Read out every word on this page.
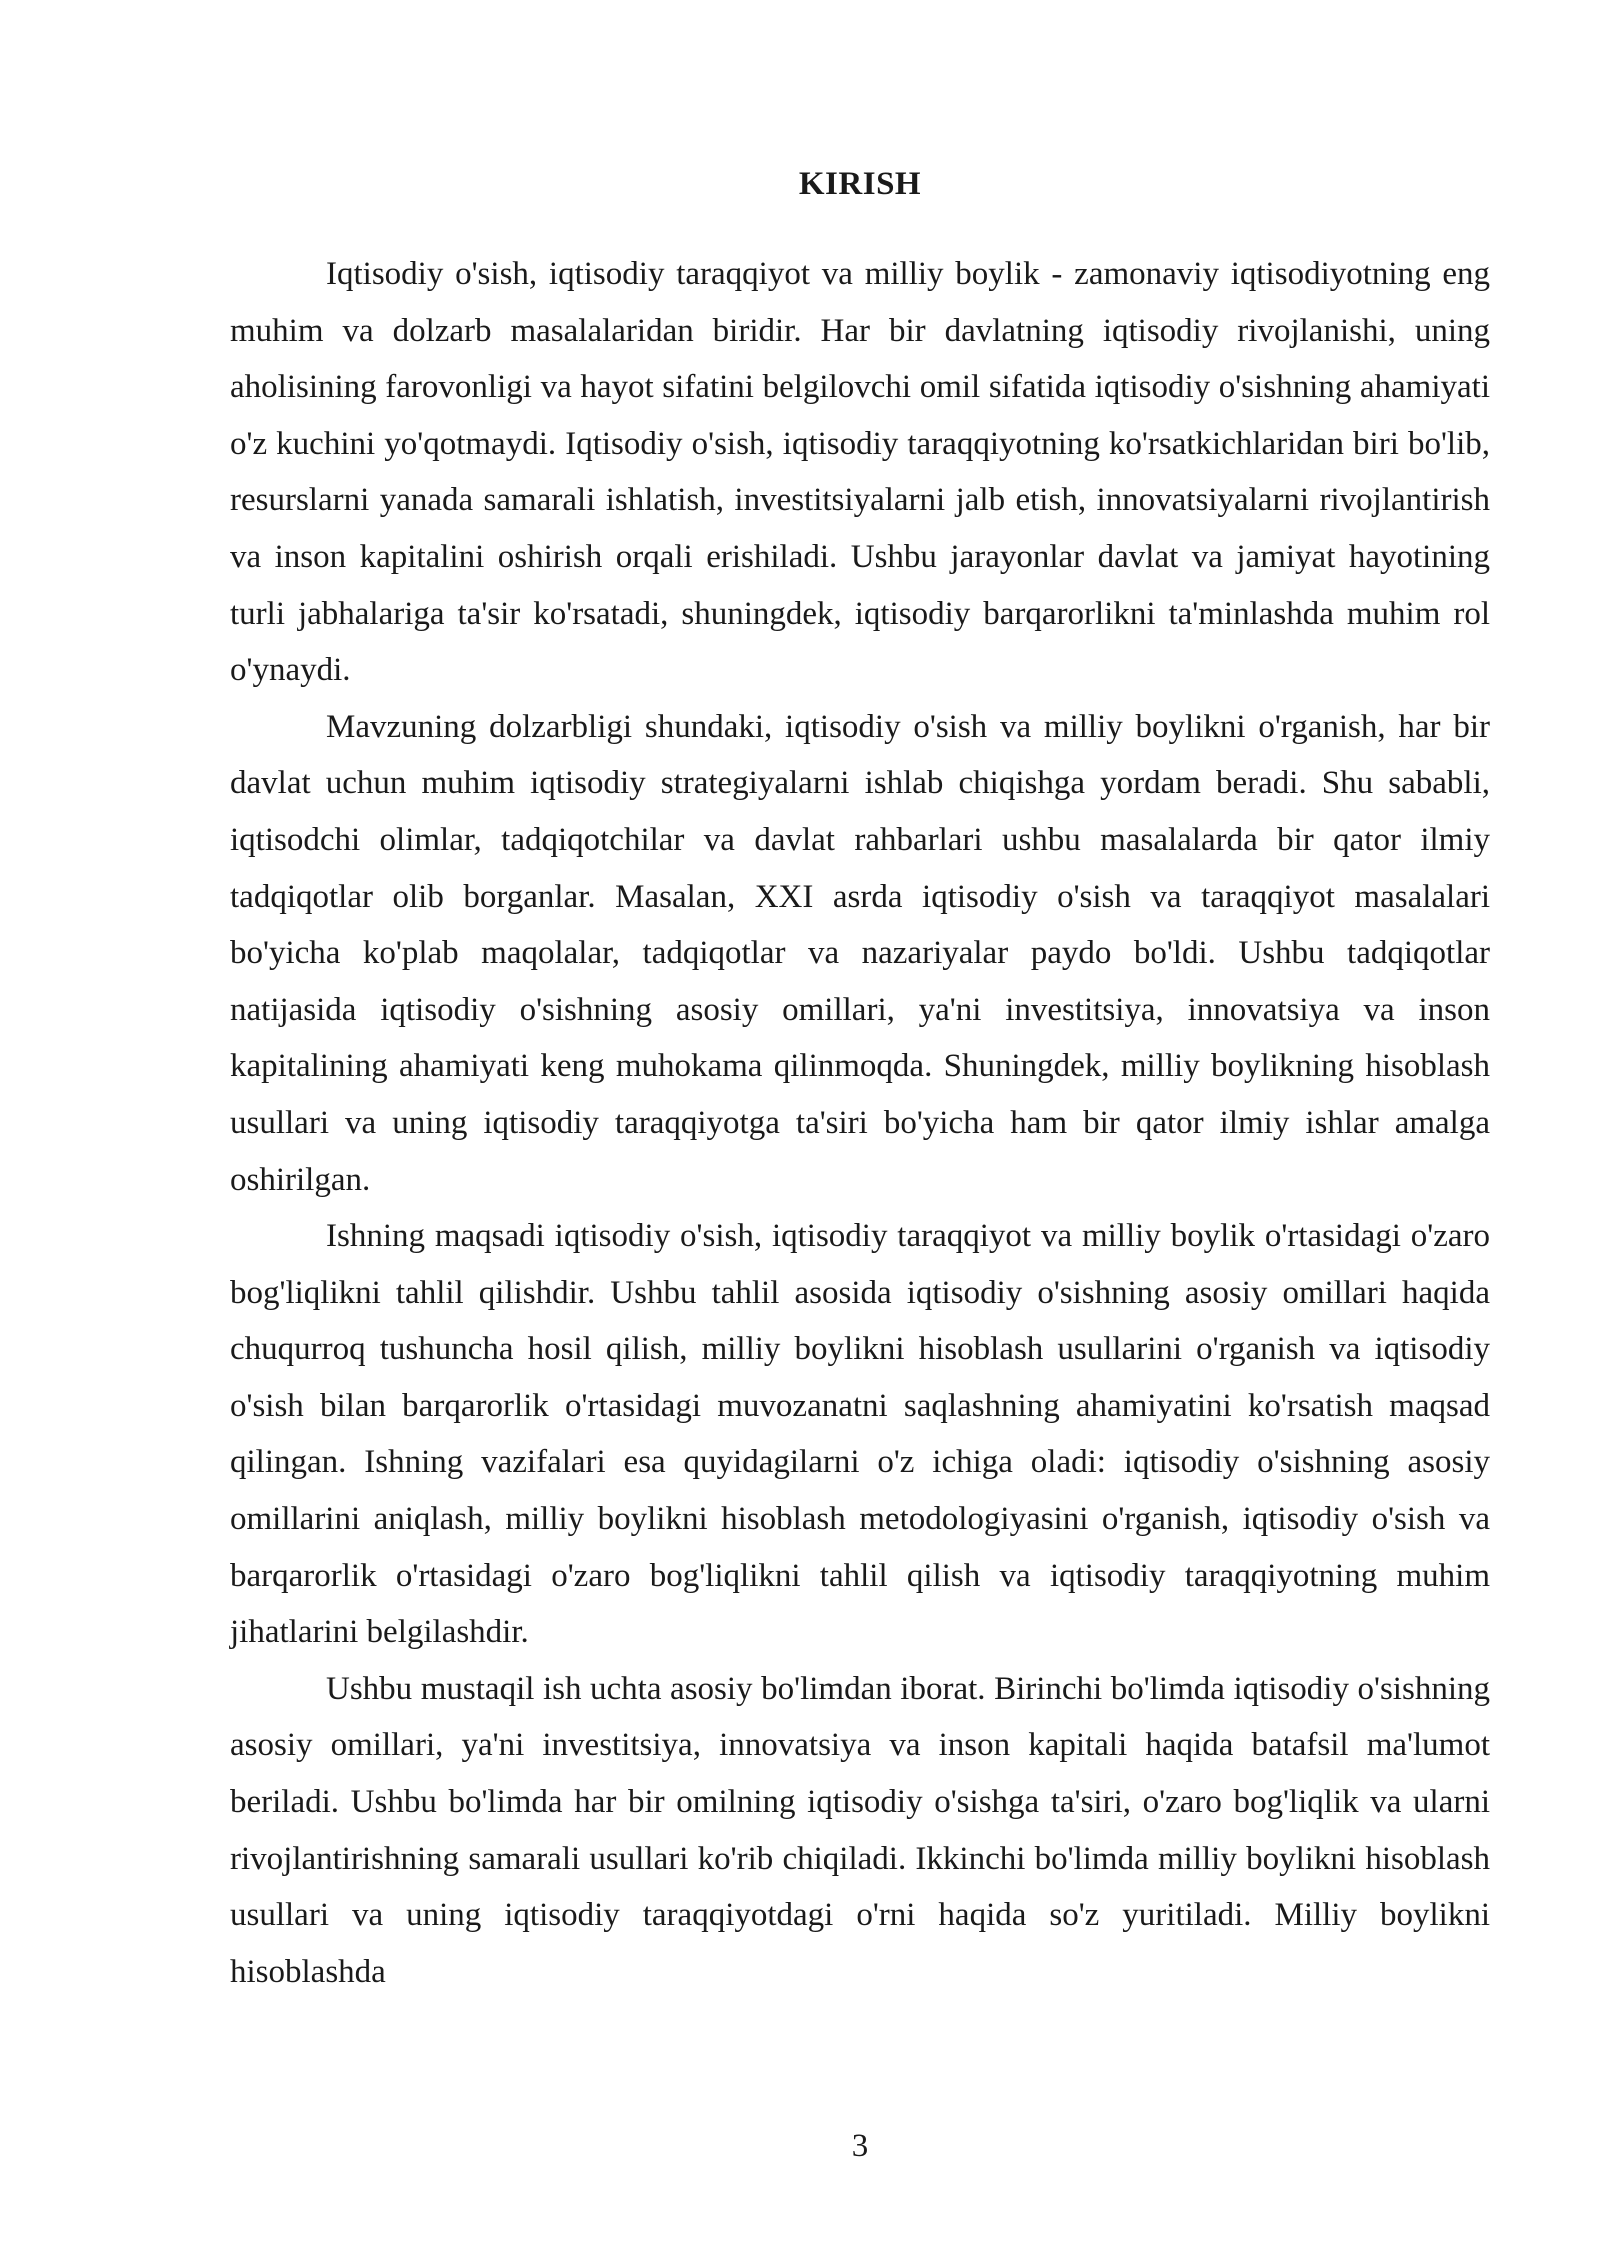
KIRISH

Iqtisodiy o'sish, iqtisodiy taraqqiyot va milliy boylik - zamonaviy iqtisodiyotning eng muhim va dolzarb masalalaridan biridir. Har bir davlatning iqtisodiy rivojlanishi, uning aholisining farovonligi va hayot sifatini belgilovchi omil sifatida iqtisodiy o'sishning ahamiyati o'z kuchini yo'qotmaydi. Iqtisodiy o'sish, iqtisodiy taraqqiyotning ko'rsatkichlaridan biri bo'lib, resurslarni yanada samarali ishlatish, investitsiyalarni jalb etish, innovatsiyalarni rivojlantirish va inson kapitalini oshirish orqali erishiladi. Ushbu jarayonlar davlat va jamiyat hayotining turli jabhalariga ta'sir ko'rsatadi, shuningdek, iqtisodiy barqarorlikni ta'minlashda muhim rol o'ynaydi.

Mavzuning dolzarbligi shundaki, iqtisodiy o'sish va milliy boylikni o'rganish, har bir davlat uchun muhim iqtisodiy strategiyalarni ishlab chiqishga yordam beradi. Shu sababli, iqtisodchi olimlar, tadqiqotchilar va davlat rahbarlari ushbu masalalarda bir qator ilmiy tadqiqotlar olib borganlar. Masalan, XXI asrda iqtisodiy o'sish va taraqqiyot masalalari bo'yicha ko'plab maqolalar, tadqiqotlar va nazariyalar paydo bo'ldi. Ushbu tadqiqotlar natijasida iqtisodiy o'sishning asosiy omillari, ya'ni investitsiya, innovatsiya va inson kapitalining ahamiyati keng muhokama qilinmoqda. Shuningdek, milliy boylikning hisoblash usullari va uning iqtisodiy taraqqiyotga ta'siri bo'yicha ham bir qator ilmiy ishlar amalga oshirilgan.

Ishning maqsadi iqtisodiy o'sish, iqtisodiy taraqqiyot va milliy boylik o'rtasidagi o'zaro bog'liqlikni tahlil qilishdir. Ushbu tahlil asosida iqtisodiy o'sishning asosiy omillari haqida chuqurroq tushuncha hosil qilish, milliy boylikni hisoblash usullarini o'rganish va iqtisodiy o'sish bilan barqarorlik o'rtasidagi muvozanatni saqlashning ahamiyatini ko'rsatish maqsad qilingan. Ishning vazifalari esa quyidagilarni o'z ichiga oladi: iqtisodiy o'sishning asosiy omillarini aniqlash, milliy boylikni hisoblash metodologiyasini o'rganish, iqtisodiy o'sish va barqarorlik o'rtasidagi o'zaro bog'liqlikni tahlil qilish va iqtisodiy taraqqiyotning muhim jihatlarini belgilashdir.

Ushbu mustaqil ish uchta asosiy bo'limdan iborat. Birinchi bo'limda iqtisodiy o'sishning asosiy omillari, ya'ni investitsiya, innovatsiya va inson kapitali haqida batafsil ma'lumot beriladi. Ushbu bo'limda har bir omilning iqtisodiy o'sishga ta'siri, o'zaro bog'liqlik va ularni rivojlantirishning samarali usullari ko'rib chiqiladi. Ikkinchi bo'limda milliy boylikni hisoblash usullari va uning iqtisodiy taraqqiyotdagi o'rni haqida so'z yuritiladi. Milliy boylikni hisoblashda

3
